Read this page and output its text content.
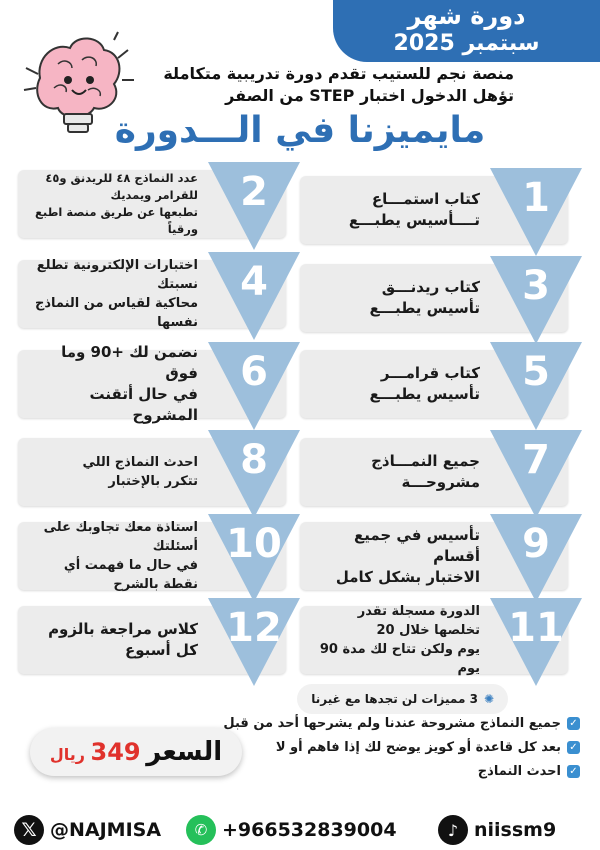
دورة شهر
سبتمبر 2025
منصة نجم للستيب تقدم دورة تدريبية متكاملة
تؤهل الدخول اختبار STEP من الصفر
مايميزنا في الـــدورة
1
كتاب استمـــاع
تــــأسيس يطبـــع
2
عدد النماذج ٤٨ للريدنق و٤٥ للقرامر ويمديك
تطبعها عن طريق منصة اطبع ورقياً
3
كتاب ريدنـــق
تأسيس يطبـــع
4
اختبارات الإلكترونية تطلع نسبتك
محاكية لقياس من النماذج نفسها
5
كتاب قرامـــر
تأسيس يطبـــع
6
نضمن لك +90 وما فوق
في حال أتقنت المشروح
7
جميع النمـــاذج
مشروحـــة
8
احدث النماذج اللي
تتكرر بالإختبار
9
تأسيس في جميع أقسام
الاختبار بشكل كامل
10
استاذة معك تجاوبك على أسئلتك
في حال ما فهمت أي نقطة بالشرح
11
الدورة مسجلة تقدر تخلصها خلال 20
يوم ولكن تتاح لك مدة 90 يوم
12
كلاس مراجعة بالزوم
كل أسبوع
✺3 مميزات لن تجدها مع غيرنا
✓جميع النماذج مشروحة عندنا ولم يشرحها أحد من قبل
✓بعد كل قاعدة أو كويز يوضح لك إذا فاهم أو لا
✓احدث النماذج
السعر 349 ريال
𝕏 @NAJMISA	✆ +966532839004	♪ niissm9
